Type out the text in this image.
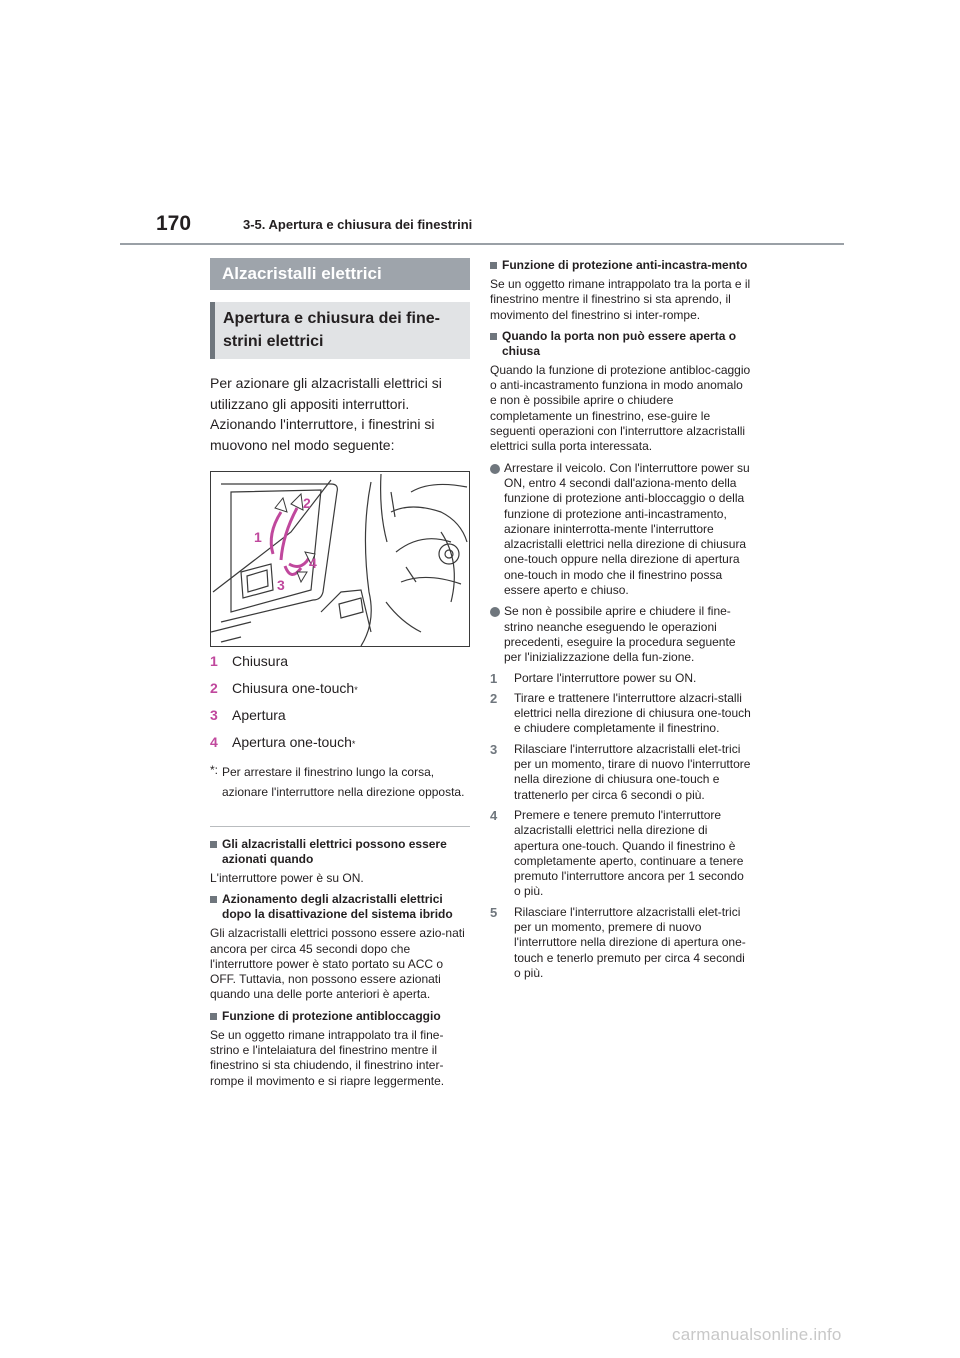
170	3-5. Apertura e chiusura dei finestrini
Alzacristalli elettrici
Apertura e chiusura dei fine-strini elettrici
Per azionare gli alzacristalli elettrici si utilizzano gli appositi interruttori. Azionando l'interruttore, i finestrini si muovono nel modo seguente:
1
2
3
4
1	Chiusura
2	Chiusura one-touch *
3	Apertura
4	Apertura one-touch *
*: Per arrestare il finestrino lungo la corsa, azionare l'interruttore nella direzione opposta.
Gli alzacristalli elettrici possono essere azionati quando
L'interruttore power è su ON.
Azionamento degli alzacristalli elettrici dopo la disattivazione del sistema ibrido
Gli alzacristalli elettrici possono essere azio-nati ancora per circa 45 secondi dopo che l'interruttore power è stato portato su ACC o OFF. Tuttavia, non possono essere azionati quando una delle porte anteriori è aperta.
Funzione di protezione antibloccaggio
Se un oggetto rimane intrappolato tra il fine-strino e l'intelaiatura del finestrino mentre il finestrino si sta chiudendo, il finestrino inter-rompe il movimento e si riapre leggermente.
Funzione di protezione anti-incastra-mento
Se un oggetto rimane intrappolato tra la porta e il finestrino mentre il finestrino si sta aprendo, il movimento del finestrino si inter-rompe.
Quando la porta non può essere aperta o chiusa
Quando la funzione di protezione antibloc-caggio o anti-incastramento funziona in modo anomalo e non è possibile aprire o chiudere completamente un finestrino, ese-guire le seguenti operazioni con l'interruttore alzacristalli elettrici sulla porta interessata.
Arrestare il veicolo. Con l'interruttore power su ON, entro 4 secondi dall'aziona-mento della funzione di protezione anti-bloccaggio o della funzione di protezione anti-incastramento, azionare ininterrotta-mente l'interruttore alzacristalli elettrici nella direzione di chiusura one-touch oppure nella direzione di apertura one-touch in modo che il finestrino possa essere aperto e chiuso.
Se non è possibile aprire e chiudere il fine-strino neanche eseguendo le operazioni precedenti, eseguire la procedura seguente per l'inizializzazione della fun-zione.
1	Portare l'interruttore power su ON.
2	Tirare e trattenere l'interruttore alzacri-stalli elettrici nella direzione di chiusura one-touch e chiudere completamente il finestrino.
3	Rilasciare l'interruttore alzacristalli elet-trici per un momento, tirare di nuovo l'interruttore nella direzione di chiusura one-touch e trattenerlo per circa 6 secondi o più.
4	Premere e tenere premuto l'interruttore alzacristalli elettrici nella direzione di apertura one-touch. Quando il finestrino è completamente aperto, continuare a tenere premuto l'interruttore ancora per 1 secondo o più.
5	Rilasciare l'interruttore alzacristalli elet-trici per un momento, premere di nuovo l'interruttore nella direzione di apertura one-touch e tenerlo premuto per circa 4 secondi o più.
carmanualsonline.info
